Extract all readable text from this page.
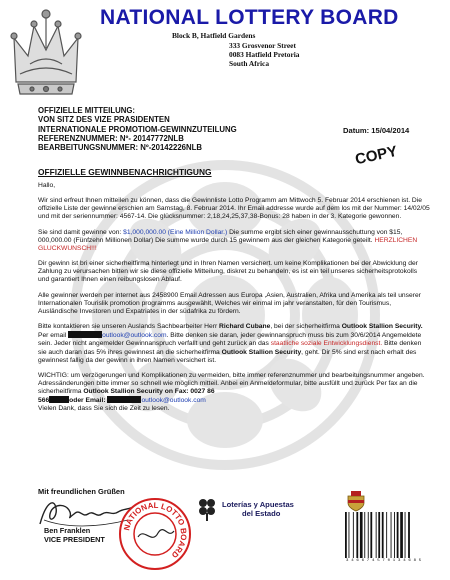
NATIONAL LOTTERY BOARD
Block B, Hatfield Gardens
333 Grosvenor Street
0083 Hatfield Pretoria
South Africa
OFFIZIELLE MITTEILUNG:
VON SITZ DES VIZE PRASIDENTEN
INTERNATIONALE PROMOTIOM-GEWINNZUTEILUNG
REFERENZNUMMER: Nº- 20147772NLB
BEARBEITUNGSNUMMER: Nº-20142226NLB
Datum: 15/04/2014
COPY
OFFIZIELLE GEWINNBENACHRICHTIGUNG

Hallo,

Wir sind erfreut Ihnen mitteilen zu können, dass die Gewinnliste Lotto Programm am Mittwoch 5. Februar 2014 erschienen ist. Die offizielle Liste der gewinne erschien am Samstag, 8. Februar 2014. Ihr Email addresse wurde auf dem los mit der Nummer: 14/02/05 und mit der seriennummer: 4567-14. Die glücksnummer: 2,18,24,25,37,38-Bonus: 28 haben in der 3. Kategorie gewonnen.

Sie sind damit gewinne von: $1,000,000.00 (Eine Million Dollar.) Die summe ergibt sich einer gewinnausschuttung von $15, 000,000.00 (Fünfzehn Millionen Dollar) Die summe wurde durch 15 gewinnern aus der gleichen Kategorie geteilt. HERZLICHEN GLUCKWUNSCH!!!

Dir gewinn ist bri einer sicherheitfirma hinterlegt und in Ihren Namen versichert. um keine Komplikationen bei der Abwicklung der Zahlung zu verursachen bitten wir sie diese offizielle Mitteilung, diskret zu behandeln, es ist ein teil unseres sicherheitsprotokolls und garantiert Ihnen einen reibungslosen Ablauf.

Alle gewinner werden per internet aus 2458900 Email Adressen aus Europa ,Asien, Australien, Afrika und Amerika als teil unserer Internationalen Tourislik promotion programms ausgewählt, Welches wir einmal im jahr veranstalten, für den Tourismus, Ausländische Investoren und Expatriates in der südafrika zu fördern.

Bitte kontaktieren sie unseren Auslands Sachbearbeiter Herr Richard Cubane, bei der sicherheitfirma Outlook Stallion Security. Per email	outlook@outlook.com. Bitte denken sie daran, jeder gewinnanspruch muss bis zum 30/6/2014 Angemeldete sein. Jeder nicht angemelder Gewinnanspruch verfallt und geht zurück an das staatliche soziale Entwicklungsdienst. Bitte denken sie auch daran das 5% ihres gewinnest an die sicherheitfirma Outlook Stallion Security, geht. Dir 5% sind erst nach erhalt des gewinnest fallig da der gewinn in ihren Namen versichert ist.

WICHTIG: um verzögerungen und Komplikationen zu vermeiden, bitte immer referenznummer und bearbeitungsnummer angeben. Adressänderungen bitte immer so schnell wie möglich mitteil. Anbei ein Anmeldeformular, bitte ausfüllt und zurück Per fax an die sicherheitfirma Outlook Stallion Security on Fax: 0027 86
566	oder Email:	outlook@outlook.com
Vielen Dank, dass Sie sich die Zeit zu lesen.

Mit freundlichen Grüßen
Ben Franklen
VICE PRESIDENT
NATIONAL LOTTO BOARD
Loterías y Apuestas
del Estado
3 4 6 6 7 4 5 7 0 1 3 4 6 8 5
